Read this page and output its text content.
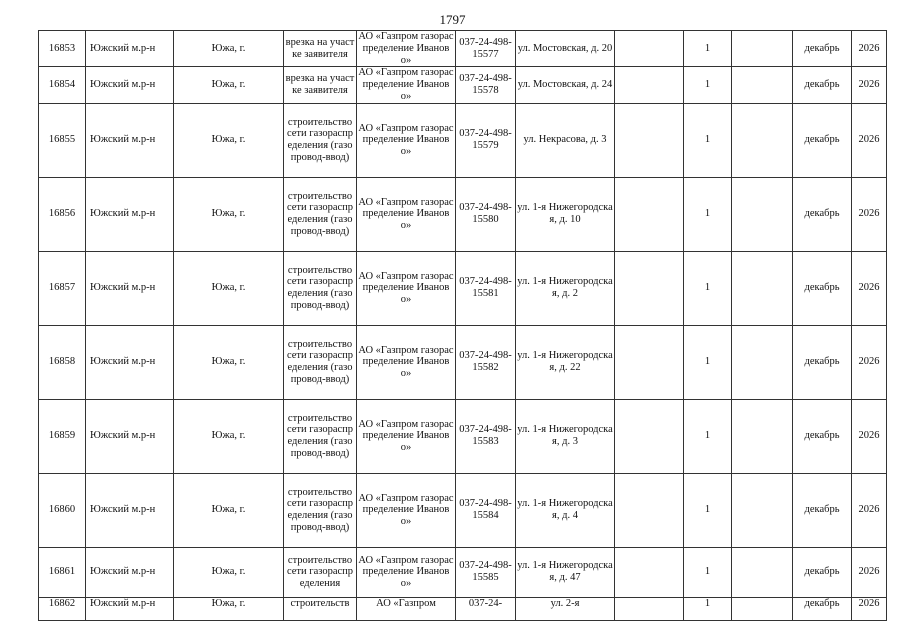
1797
16853	Южский м.р-н	Южа, г.	врезка на участке заявителя	АО «Газпром газораспределение Иваново»	037-24-498-15577	ул. Мостовская, д. 20		1		декабрь	2026
16854	Южский м.р-н	Южа, г.	врезка на участке заявителя	АО «Газпром газораспределение Иваново»	037-24-498-15578	ул. Мостовская, д. 24		1		декабрь	2026
16855	Южский м.р-н	Южа, г.	строительство сети газораспределения (газопровод-ввод)	АО «Газпром газораспределение Иваново»	037-24-498-15579	ул. Некрасова, д. 3		1		декабрь	2026
16856	Южский м.р-н	Южа, г.	строительство сети газораспределения (газопровод-ввод)	АО «Газпром газораспределение Иваново»	037-24-498-15580	ул. 1-я Нижегородская, д. 10		1		декабрь	2026
16857	Южский м.р-н	Южа, г.	строительство сети газораспределения (газопровод-ввод)	АО «Газпром газораспределение Иваново»	037-24-498-15581	ул. 1-я Нижегородская, д. 2		1		декабрь	2026
16858	Южский м.р-н	Южа, г.	строительство сети газораспределения (газопровод-ввод)	АО «Газпром газораспределение Иваново»	037-24-498-15582	ул. 1-я Нижегородская, д. 22		1		декабрь	2026
16859	Южский м.р-н	Южа, г.	строительство сети газораспределения (газопровод-ввод)	АО «Газпром газораспределение Иваново»	037-24-498-15583	ул. 1-я Нижегородская, д. 3		1		декабрь	2026
16860	Южский м.р-н	Южа, г.	строительство сети газораспределения (газопровод-ввод)	АО «Газпром газораспределение Иваново»	037-24-498-15584	ул. 1-я Нижегородская, д. 4		1		декабрь	2026
16861	Южский м.р-н	Южа, г.	строительство сети газораспределения	АО «Газпром газораспределение Иваново»	037-24-498-15585	ул. 1-я Нижегородская, д. 47		1		декабрь	2026
16862	Южский м.р-н	Южа, г.	строительств	АО «Газпром	037-24-	ул. 2-я		1		декабрь	2026
